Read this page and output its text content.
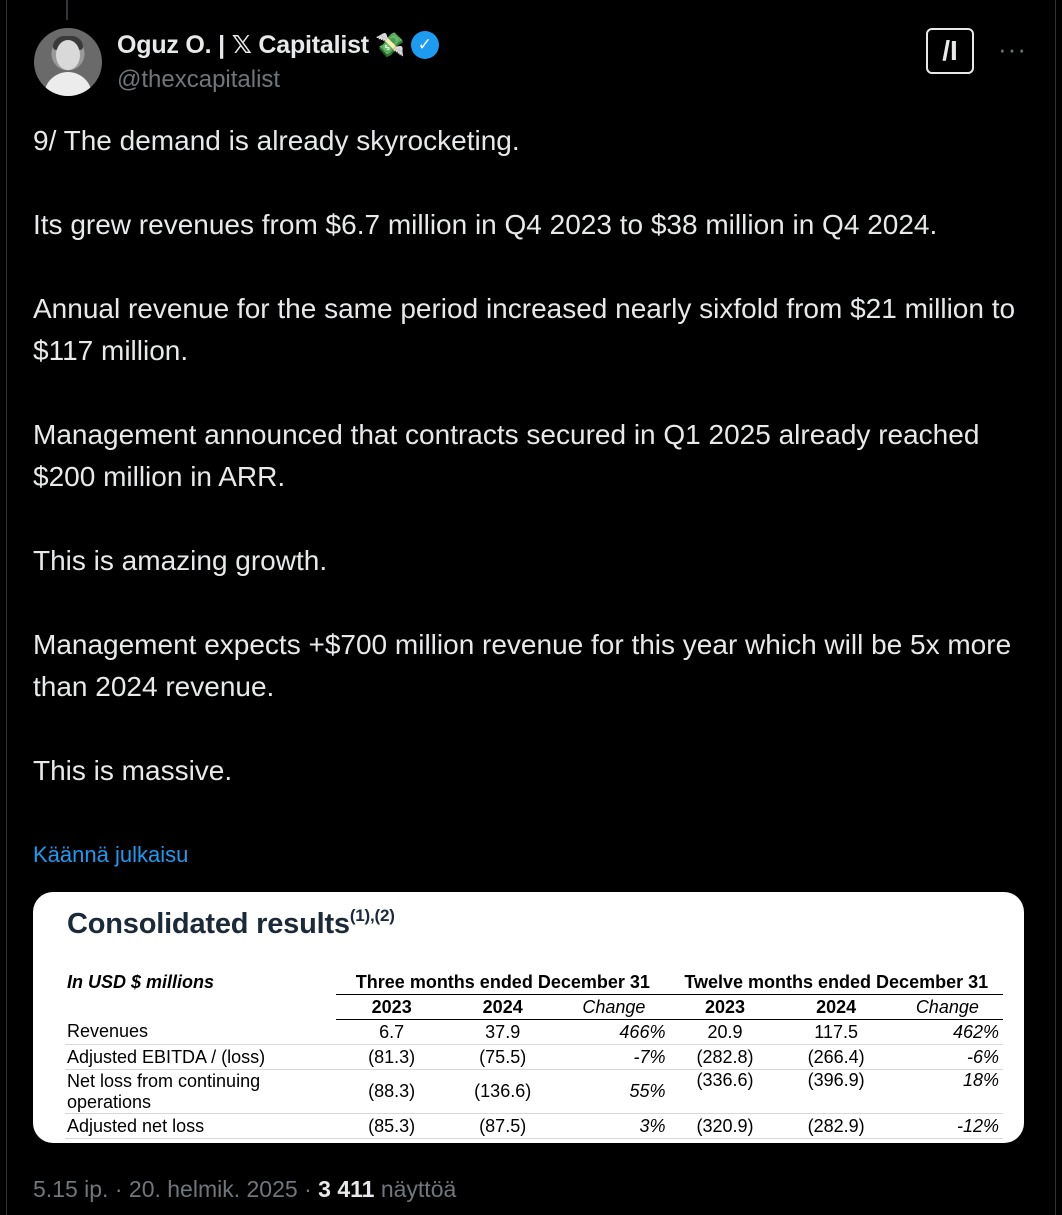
Oguz O. | 𝕏 Capitalist 💸 ✓
@thexcapitalist
/I	···

9/ The demand is already skyrocketing.

Its grew revenues from $6.7 million in Q4 2023 to $38 million in Q4 2024.

Annual revenue for the same period increased nearly sixfold from $21 million to $117 million.

Management announced that contracts secured in Q1 2025 already reached $200 million in ARR.

This is amazing growth.

Management expects +$700 million revenue for this year which will be 5x more than 2024 revenue.

This is massive.

Käännä julkaisu
Consolidated results$^{(1),(2)}$
In USD $ millions	Three months ended December 31			Twelve months ended December 31		
	2023	2024	Change	2023	2024	Change
Revenues	6.7	37.9	466%	20.9	117.5	462%
Adjusted EBITDA / (loss)	(81.3)	(75.5)	-7%	(282.8)	(266.4)	-6%
Net loss from continuing operations	(88.3)	(136.6)	55%	(336.6)	(396.9)	18%
Adjusted net loss	(85.3)	(87.5)	3%	(320.9)	(282.9)	-12%
5.15 ip. · 20. helmik. 2025 · 3 411 näyttöä
